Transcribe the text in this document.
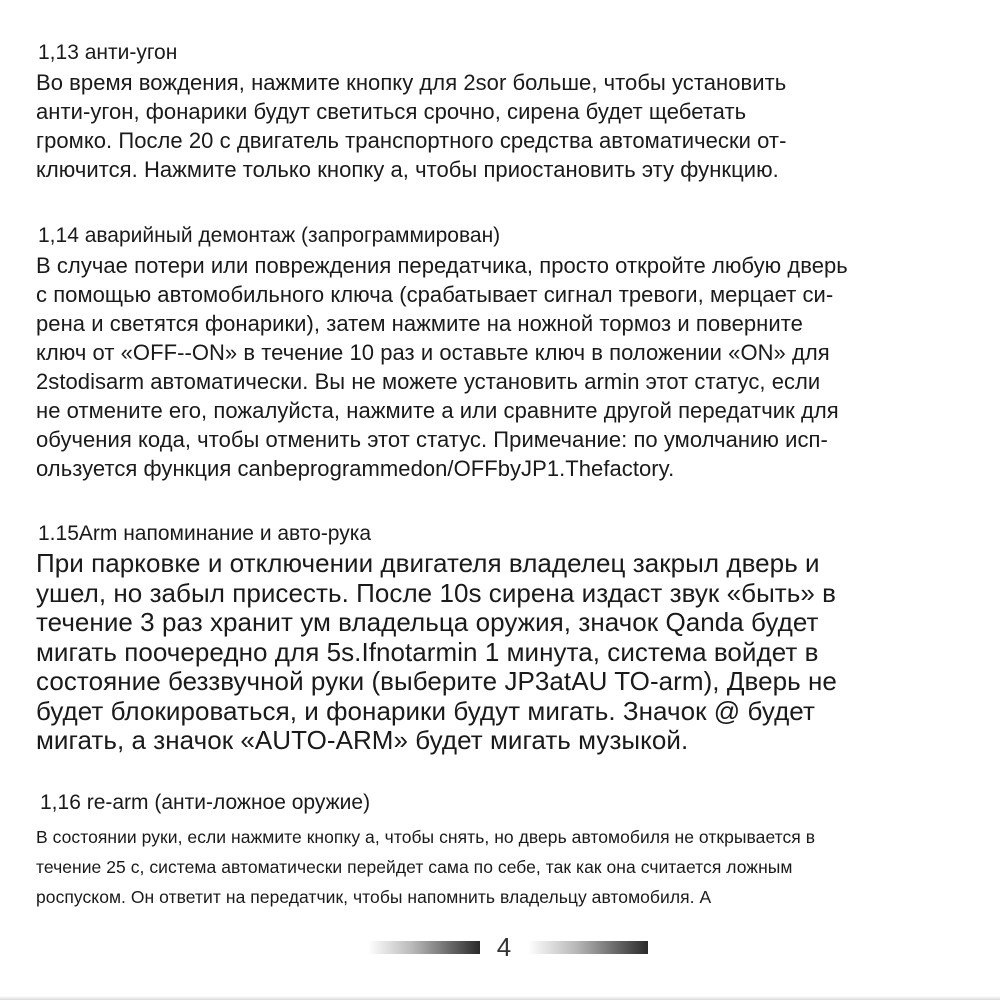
1,13 анти-угон

Во время вождения, нажмите кнопку для 2sor больше, чтобы установить
анти-угон, фонарики будут светиться срочно, сирена будет щебетать
громко. После 20 с двигатель транспортного средства автоматически от-
ключится. Нажмите только кнопку а, чтобы приостановить эту функцию.

1,14 аварийный демонтаж (запрограммирован)

В случае потери или повреждения передатчика, просто откройте любую дверь
с помощью автомобильного ключа (срабатывает сигнал тревоги, мерцает си-
рена и светятся фонарики), затем нажмите на ножной тормоз и поверните
ключ от «OFF--ON» в течение 10 раз и оставьте ключ в положении «ON» для
2stodisarm автоматически. Вы не можете установить armin этот статус, если
не отмените его, пожалуйста, нажмите а или сравните другой передатчик для
обучения кода, чтобы отменить этот статус. Примечание: по умолчанию исп-
ользуется функция canbeprogrammedon/OFFbyJP1.Thefactory.

1.15Arm напоминание и авто-рука

При парковке и отключении двигателя владелец закрыл дверь и
ушел, но забыл присесть. После 10s сирена издаст звук «быть» в
течение 3 раз хранит ум владельца оружия, значок Qanda будет
мигать поочередно для 5s.Ifnotarmin 1 минута, система войдет в
состояние беззвучной руки (выберите JP3atAU TO-arm), Дверь не
будет блокироваться, и фонарики будут мигать. Значок @ будет
мигать, а значок «AUTO-ARM» будет мигать музыкой.

1,16 re-arm (анти-ложное оружие)

В состоянии руки, если нажмите кнопку а, чтобы снять, но дверь автомобиля не открывается в
течение 25 с, система автоматически перейдет сама по себе, так как она считается ложным
роспуском. Он ответит на передатчик, чтобы напомнить владельцу автомобиля. А

4
